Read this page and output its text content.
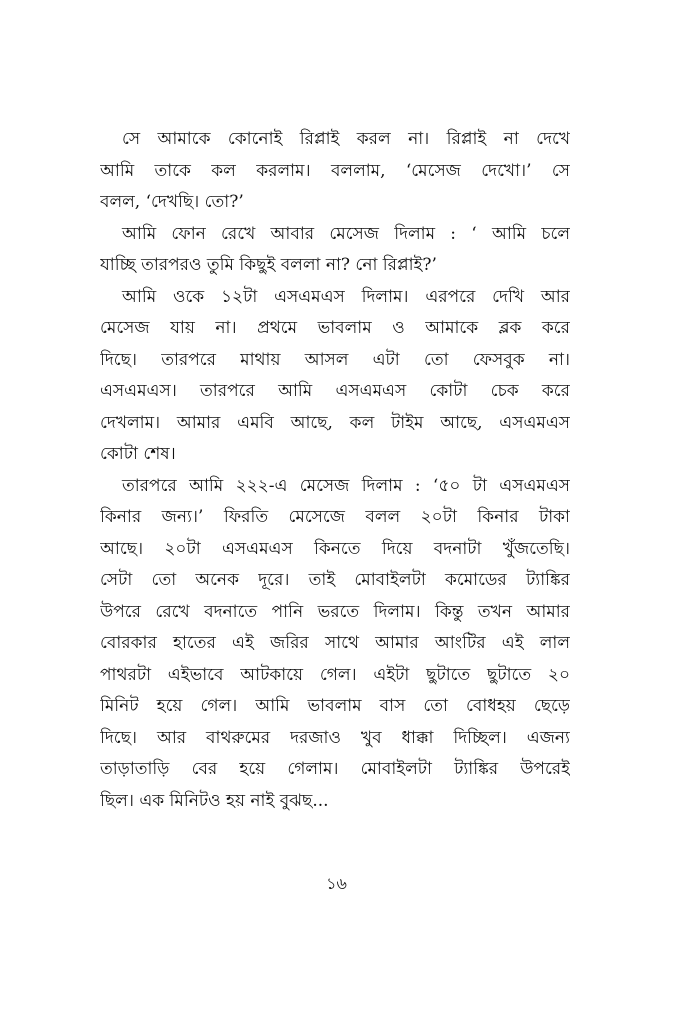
সে আমাকে কোনোই রিপ্লাই করল না। রিপ্লাই না দেখে
আমি তাকে কল করলাম। বললাম, ‘মেসেজ দেখো।’ সে
বলল, ‘দেখছি। তো?’
আমি ফোন রেখে আবার মেসেজ দিলাম : ‘ আমি চলে
যাচ্ছি তারপরও তুমি কিছুই বললা না? নো রিপ্লাই?’
আমি ওকে ১২টা এসএমএস দিলাম। এরপরে দেখি আর
মেসেজ যায় না। প্রথমে ভাবলাম ও আমাকে ব্লক করে
দিছে। তারপরে মাথায় আসল এটা তো ফেসবুক না।
এসএমএস। তারপরে আমি এসএমএস কোটা চেক করে
দেখলাম। আমার এমবি আছে, কল টাইম আছে, এসএমএস
কোটা শেষ।
তারপরে আমি ২২২-এ মেসেজ দিলাম : ‘৫০ টা এসএমএস
কিনার জন্য।’ ফিরতি মেসেজে বলল ২০টা কিনার টাকা
আছে। ২০টা এসএমএস কিনতে দিয়ে বদনাটা খুঁজতেছি।
সেটা তো অনেক দূরে। তাই মোবাইলটা কমোডের ট্যাঙ্কির
উপরে রেখে বদনাতে পানি ভরতে দিলাম। কিন্তু তখন আমার
বোরকার হাতের এই জরির সাথে আমার আংটির এই লাল
পাথরটা এইভাবে আটকায়ে গেল। এইটা ছুটাতে ছুটাতে ২০
মিনিট হয়ে গেল। আমি ভাবলাম বাস তো বোধহয় ছেড়ে
দিছে। আর বাথরুমের দরজাও খুব ধাক্কা দিচ্ছিল। এজন্য
তাড়াতাড়ি বের হয়ে গেলাম। মোবাইলটা ট্যাঙ্কির উপরেই
ছিল। এক মিনিটও হয় নাই বুঝছ...
১৬
